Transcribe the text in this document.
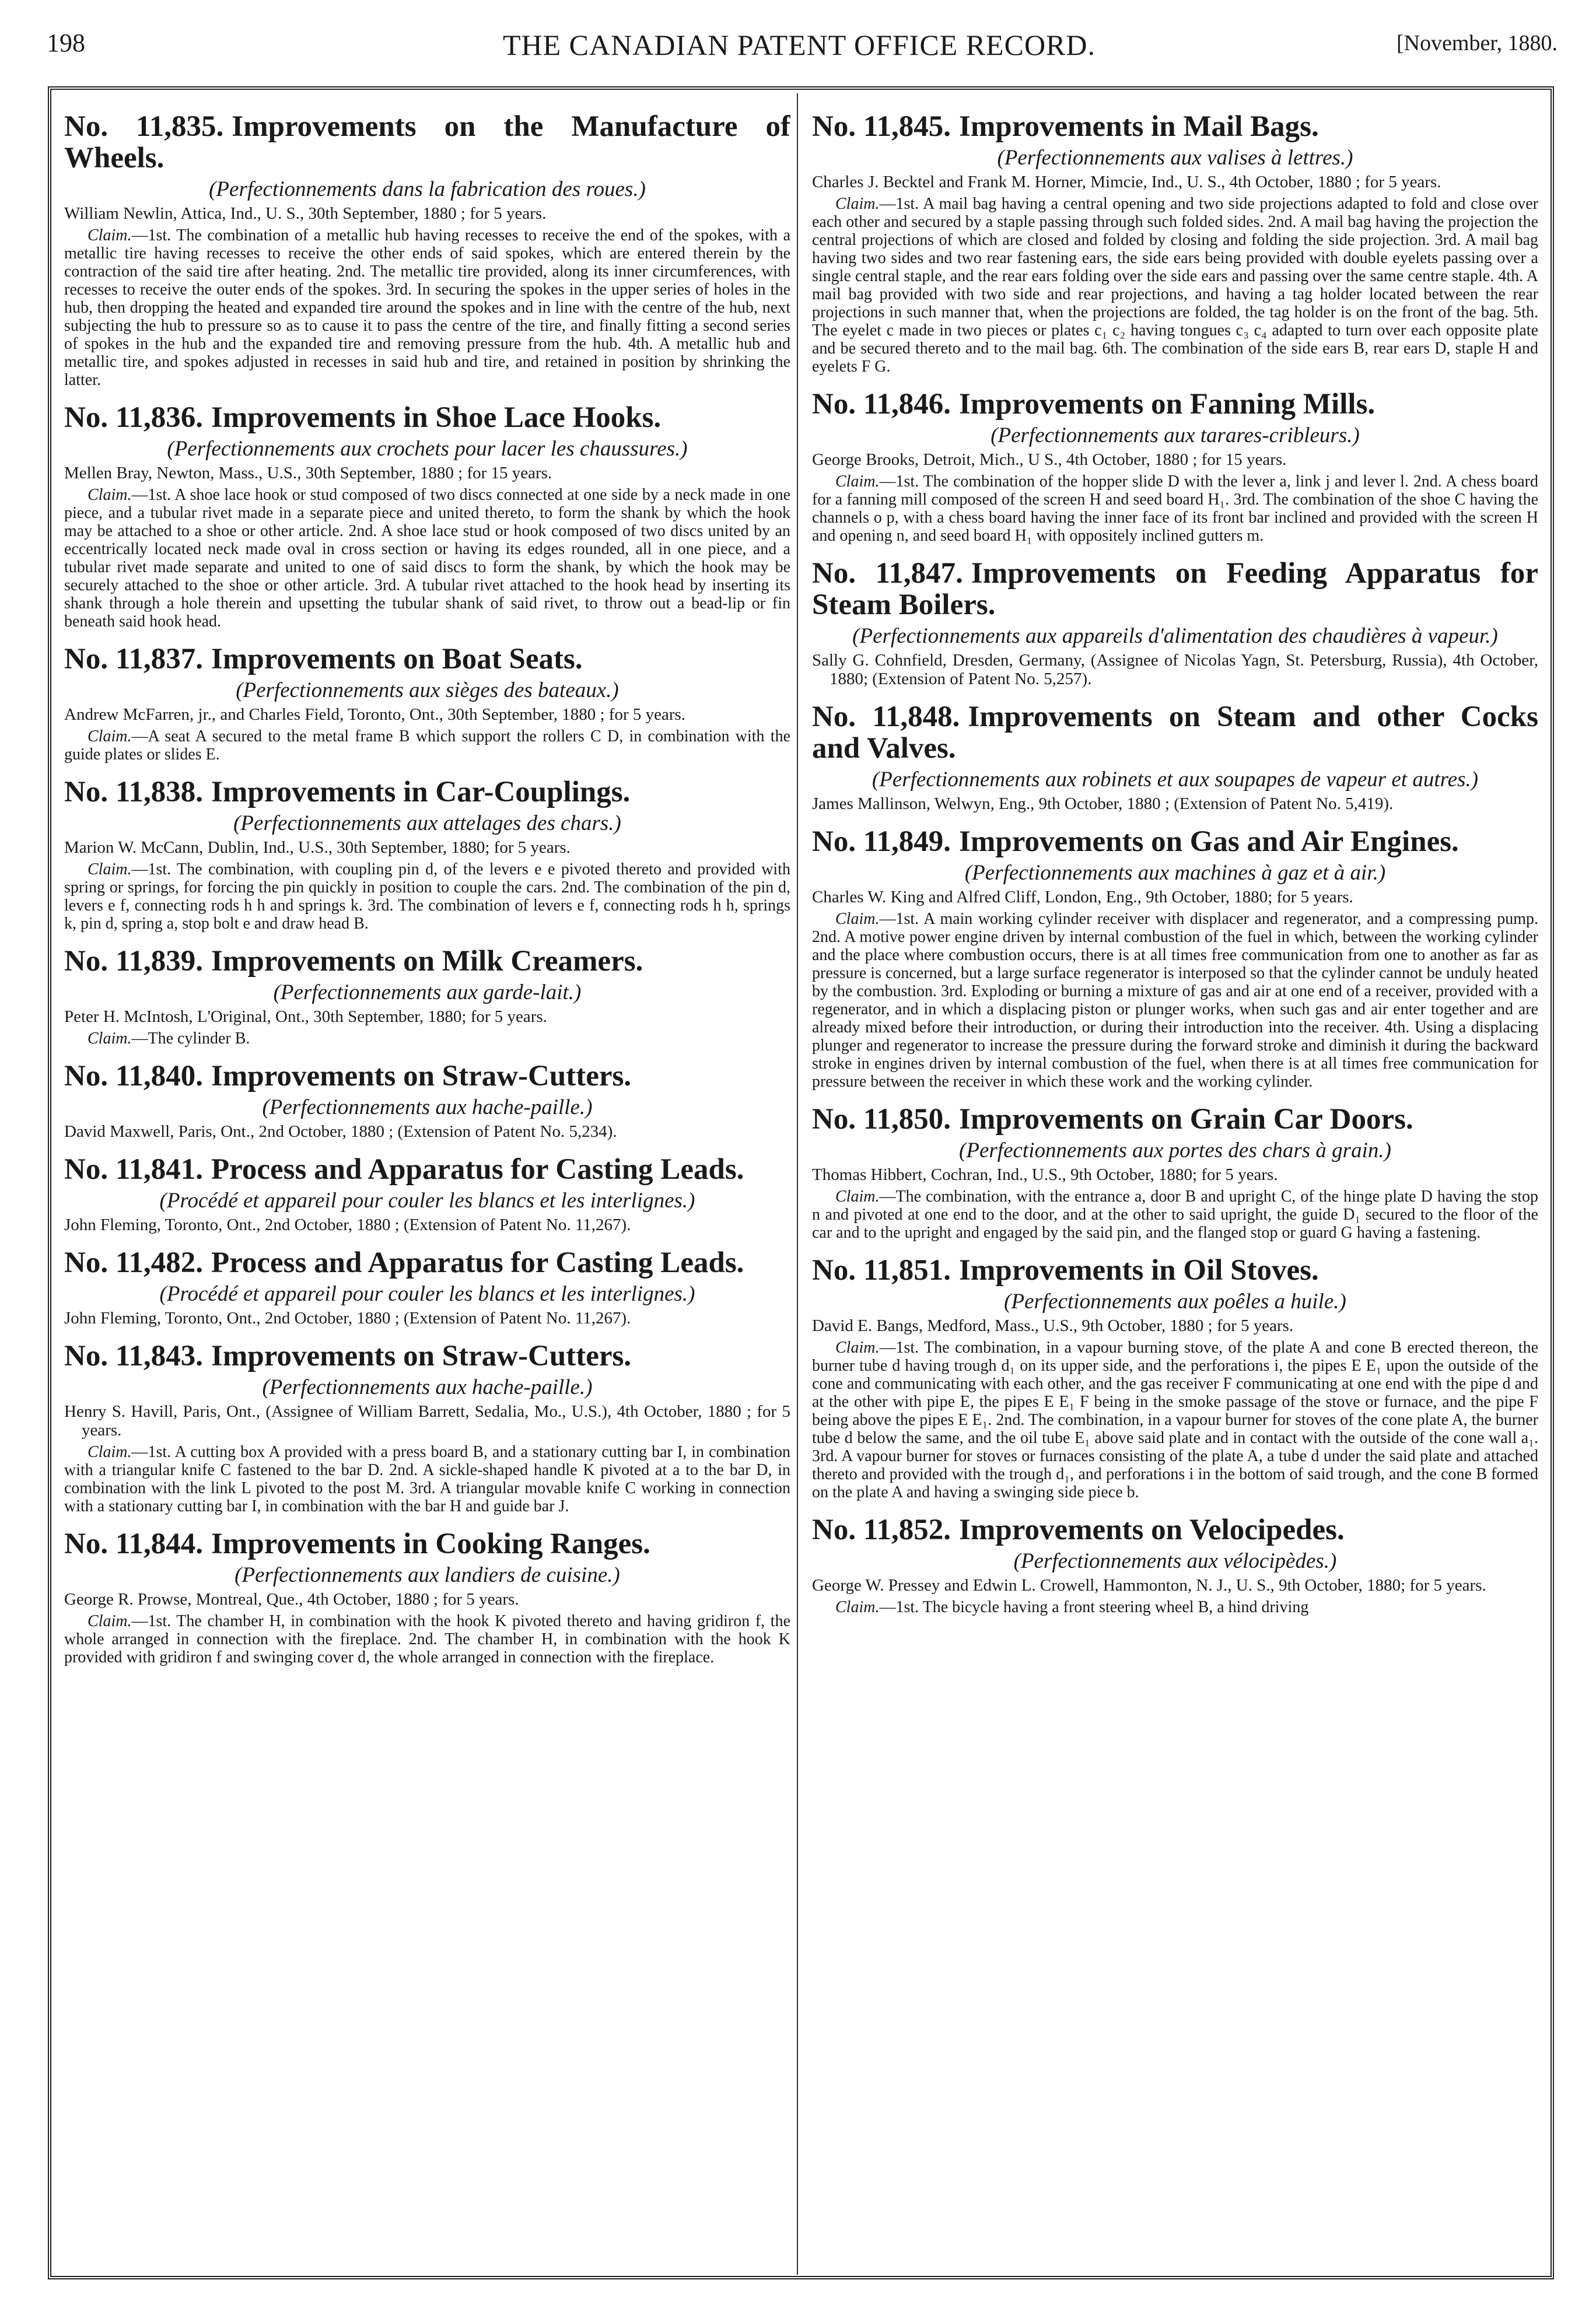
198	THE CANADIAN PATENT OFFICE RECORD.	[November, 1880.
No. 11,835. Improvements on the Manufacture of Wheels.
(Perfectionnements dans la fabrication des roues.)
William Newlin, Attica, Ind., U. S., 30th September, 1880 ; for 5 years.

Claim.—1st. The combination of a metallic hub having recesses to receive the end of the spokes, with a metallic tire having recesses to receive the other ends of said spokes, which are entered therein by the contraction of the said tire after heating. 2nd. The metallic tire provided, along its inner circumferences, with recesses to receive the outer ends of the spokes. 3rd. In securing the spokes in the upper series of holes in the hub, then dropping the heated and expanded tire around the spokes and in line with the centre of the hub, next subjecting the hub to pressure so as to cause it to pass the centre of the tire, and finally fitting a second series of spokes in the hub and the expanded tire and removing pressure from the hub. 4th. A metallic hub and metallic tire, and spokes adjusted in recesses in said hub and tire, and retained in position by shrinking the latter.

No. 11,836. Improvements in Shoe Lace Hooks.
(Perfectionnements aux crochets pour lacer les chaussures.)
Mellen Bray, Newton, Mass., U.S., 30th September, 1880 ; for 15 years.

Claim.—1st. A shoe lace hook or stud composed of two discs connected at one side by a neck made in one piece, and a tubular rivet made in a separate piece and united thereto, to form the shank by which the hook may be attached to a shoe or other article. 2nd. A shoe lace stud or hook composed of two discs united by an eccentrically located neck made oval in cross section or having its edges rounded, all in one piece, and a tubular rivet made separate and united to one of said discs to form the shank, by which the hook may be securely attached to the shoe or other article. 3rd. A tubular rivet attached to the hook head by inserting its shank through a hole therein and upsetting the tubular shank of said rivet, to throw out a bead-lip or fin beneath said hook head.

No. 11,837. Improvements on Boat Seats.
(Perfectionnements aux sièges des bateaux.)
Andrew McFarren, jr., and Charles Field, Toronto, Ont., 30th September, 1880 ; for 5 years.

Claim.—A seat A secured to the metal frame B which support the rollers C D, in combination with the guide plates or slides E.

No. 11,838. Improvements in Car-Couplings.
(Perfectionnements aux attelages des chars.)
Marion W. McCann, Dublin, Ind., U.S., 30th September, 1880; for 5 years.

Claim.—1st. The combination, with coupling pin d, of the levers e e pivoted thereto and provided with spring or springs, for forcing the pin quickly in position to couple the cars. 2nd. The combination of the pin d, levers e f, connecting rods h h and springs k. 3rd. The combination of levers e f, connecting rods h h, springs k, pin d, spring a, stop bolt e and draw head B.

No. 11,839. Improvements on Milk Creamers.
(Perfectionnements aux garde-lait.)
Peter H. McIntosh, L'Original, Ont., 30th September, 1880; for 5 years.

Claim.—The cylinder B.

No. 11,840. Improvements on Straw-Cutters.
(Perfectionnements aux hache-paille.)
David Maxwell, Paris, Ont., 2nd October, 1880 ; (Extension of Patent No. 5,234).
No. 11,841. Process and Apparatus for Casting Leads.
(Procédé et appareil pour couler les blancs et les interlignes.)
John Fleming, Toronto, Ont., 2nd October, 1880 ; (Extension of Patent No. 11,267).
No. 11,482. Process and Apparatus for Casting Leads.
(Procédé et appareil pour couler les blancs et les interlignes.)
John Fleming, Toronto, Ont., 2nd October, 1880 ; (Extension of Patent No. 11,267).
No. 11,843. Improvements on Straw-Cutters.
(Perfectionnements aux hache-paille.)
Henry S. Havill, Paris, Ont., (Assignee of William Barrett, Sedalia, Mo., U.S.), 4th October, 1880 ; for 5 years.

Claim.—1st. A cutting box A provided with a press board B, and a stationary cutting bar I, in combination with a triangular knife C fastened to the bar D. 2nd. A sickle-shaped handle K pivoted at a to the bar D, in combination with the link L pivoted to the post M. 3rd. A triangular movable knife C working in connection with a stationary cutting bar I, in combination with the bar H and guide bar J.

No. 11,844. Improvements in Cooking Ranges.
(Perfectionnements aux landiers de cuisine.)
George R. Prowse, Montreal, Que., 4th October, 1880 ; for 5 years.

Claim.—1st. The chamber H, in combination with the hook K pivoted thereto and having gridiron f, the whole arranged in connection with the fireplace. 2nd. The chamber H, in combination with the hook K provided with gridiron f and swinging cover d, the whole arranged in connection with the fireplace.

No. 11,845. Improvements in Mail Bags.
(Perfectionnements aux valises à lettres.)
Charles J. Becktel and Frank M. Horner, Mimcie, Ind., U. S., 4th October, 1880 ; for 5 years.

Claim.—1st. A mail bag having a central opening and two side projections adapted to fold and close over each other and secured by a staple passing through such folded sides. 2nd. A mail bag having the projection the central projections of which are closed and folded by closing and folding the side projection. 3rd. A mail bag having two sides and two rear fastening ears, the side ears being provided with double eyelets passing over a single central staple, and the rear ears folding over the side ears and passing over the same centre staple. 4th. A mail bag provided with two side and rear projections, and having a tag holder located between the rear projections in such manner that, when the projections are folded, the tag holder is on the front of the bag. 5th. The eyelet c made in two pieces or plates c₁ c₂ having tongues c₃ c₄ adapted to turn over each opposite plate and be secured thereto and to the mail bag. 6th. The combination of the side ears B, rear ears D, staple H and eyelets F G.

No. 11,846. Improvements on Fanning Mills.
(Perfectionnements aux tarares-cribleurs.)
George Brooks, Detroit, Mich., U S., 4th October, 1880 ; for 15 years.

Claim.—1st. The combination of the hopper slide D with the lever a, link j and lever l. 2nd. A chess board for a fanning mill composed of the screen H and seed board H₁. 3rd. The combination of the shoe C having the channels o p, with a chess board having the inner face of its front bar inclined and provided with the screen H and opening n, and seed board H₁ with oppositely inclined gutters m.

No. 11,847. Improvements on Feeding Apparatus for Steam Boilers.
(Perfectionnements aux appareils d'alimentation des chaudières à vapeur.)
Sally G. Cohnfield, Dresden, Germany, (Assignee of Nicolas Yagn, St. Petersburg, Russia), 4th October, 1880; (Extension of Patent No. 5,257).
No. 11,848. Improvements on Steam and other Cocks and Valves.
(Perfectionnements aux robinets et aux soupapes de vapeur et autres.)
James Mallinson, Welwyn, Eng., 9th October, 1880 ; (Extension of Patent No. 5,419).
No. 11,849. Improvements on Gas and Air Engines.
(Perfectionnements aux machines à gaz et à air.)
Charles W. King and Alfred Cliff, London, Eng., 9th October, 1880; for 5 years.

Claim.—1st. A main working cylinder receiver with displacer and regenerator, and a compressing pump. 2nd. A motive power engine driven by internal combustion of the fuel in which, between the working cylinder and the place where combustion occurs, there is at all times free communication from one to another as far as pressure is concerned, but a large surface regenerator is interposed so that the cylinder cannot be unduly heated by the combustion. 3rd. Exploding or burning a mixture of gas and air at one end of a receiver, provided with a regenerator, and in which a displacing piston or plunger works, when such gas and air enter together and are already mixed before their introduction, or during their introduction into the receiver. 4th. Using a displacing plunger and regenerator to increase the pressure during the forward stroke and diminish it during the backward stroke in engines driven by internal combustion of the fuel, when there is at all times free communication for pressure between the receiver in which these work and the working cylinder.

No. 11,850. Improvements on Grain Car Doors.
(Perfectionnements aux portes des chars à grain.)
Thomas Hibbert, Cochran, Ind., U.S., 9th October, 1880; for 5 years.

Claim.—The combination, with the entrance a, door B and upright C, of the hinge plate D having the stop n and pivoted at one end to the door, and at the other to said upright, the guide D₁ secured to the floor of the car and to the upright and engaged by the said pin, and the flanged stop or guard G having a fastening.

No. 11,851. Improvements in Oil Stoves.
(Perfectionnements aux poêles a huile.)
David E. Bangs, Medford, Mass., U.S., 9th October, 1880 ; for 5 years.

Claim.—1st. The combination, in a vapour burning stove, of the plate A and cone B erected thereon, the burner tube d having trough d₁ on its upper side, and the perforations i, the pipes E E₁ upon the outside of the cone and communicating with each other, and the gas receiver F communicating at one end with the pipe d and at the other with pipe E, the pipes E E₁ F being in the smoke passage of the stove or furnace, and the pipe F being above the pipes E E₁. 2nd. The combination, in a vapour burner for stoves of the cone plate A, the burner tube d below the same, and the oil tube E₁ above said plate and in contact with the outside of the cone wall a₁. 3rd. A vapour burner for stoves or furnaces consisting of the plate A, a tube d under the said plate and attached thereto and provided with the trough d₁, and perforations i in the bottom of said trough, and the cone B formed on the plate A and having a swinging side piece b.

No. 11,852. Improvements on Velocipedes.
(Perfectionnements aux vélocipèdes.)
George W. Pressey and Edwin L. Crowell, Hammonton, N. J., U. S., 9th October, 1880; for 5 years.

Claim.—1st. The bicycle having a front steering wheel B, a hind driving
